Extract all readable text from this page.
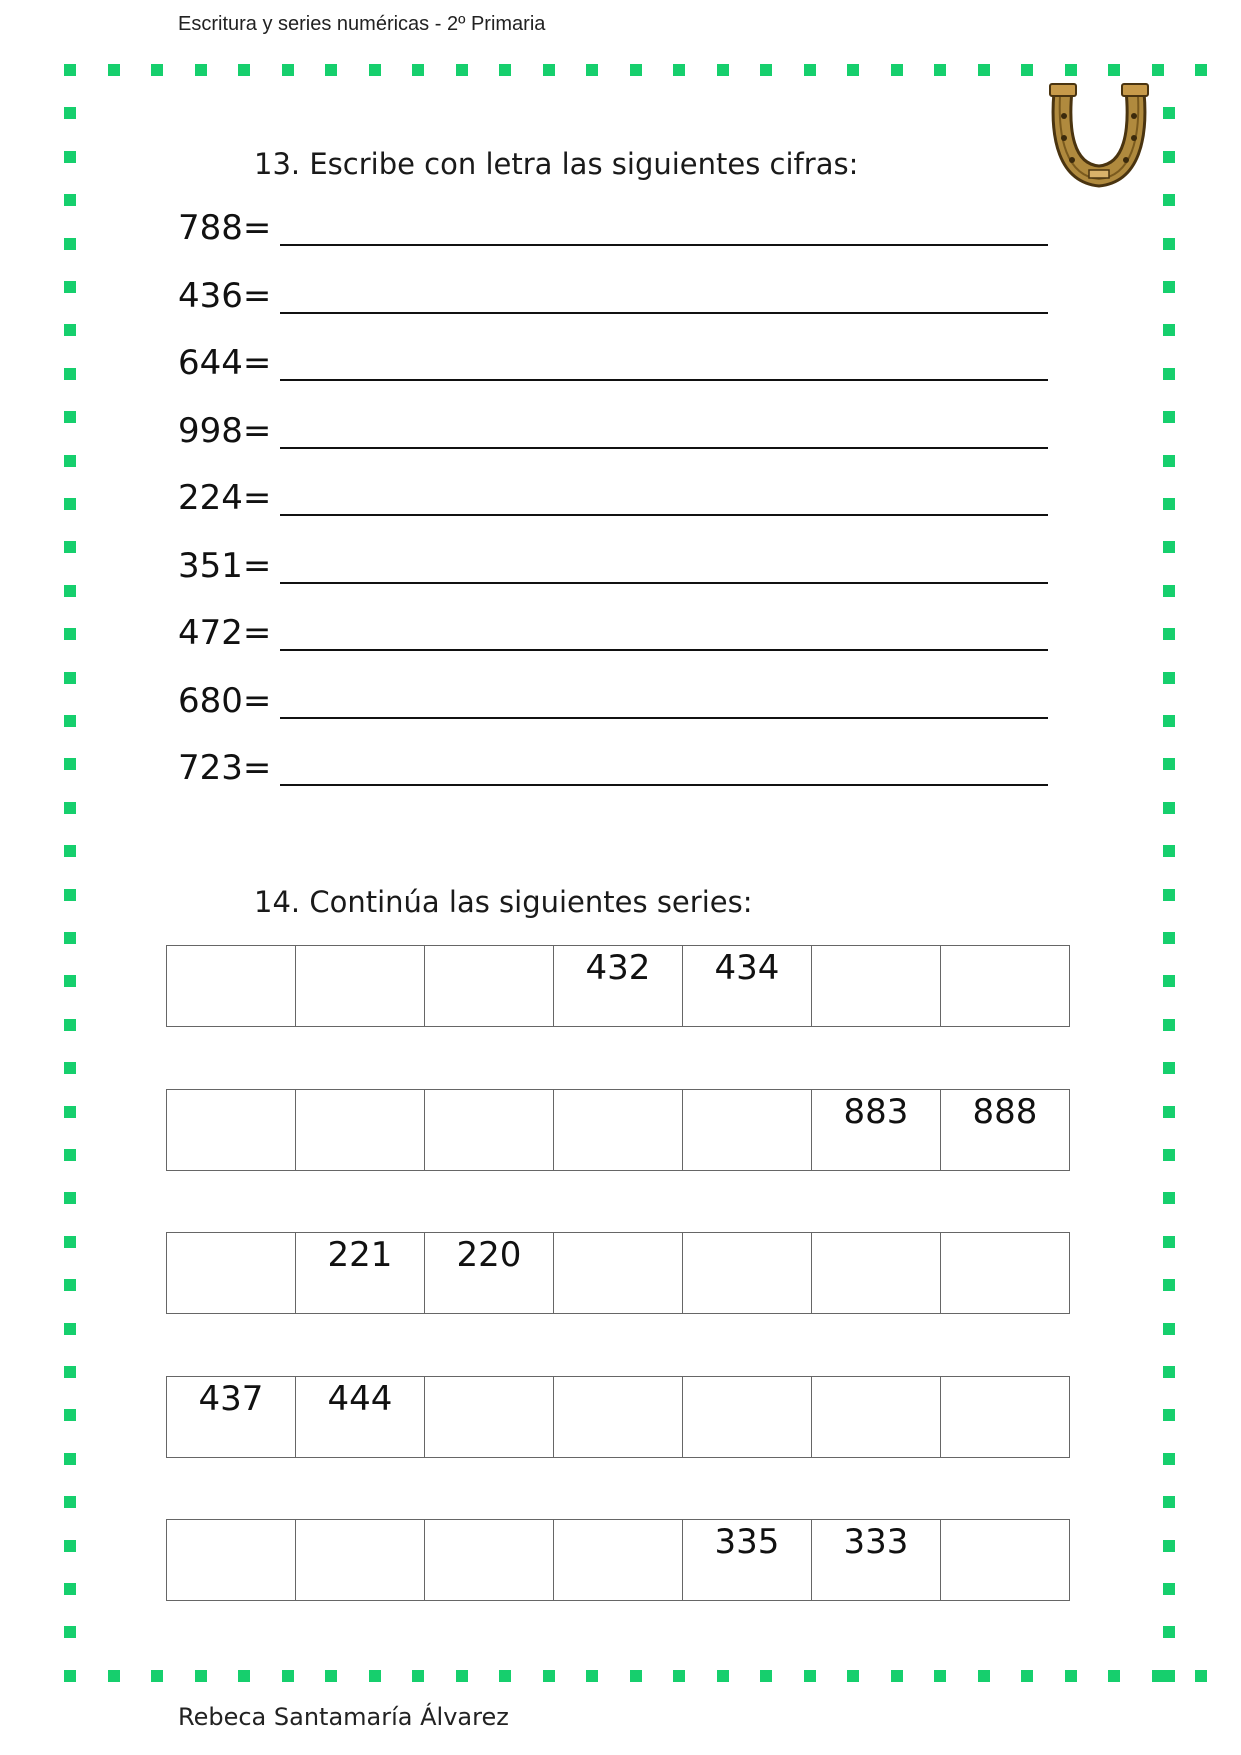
Escritura y series numéricas - 2º Primaria
13. Escribe con letra las siguientes cifras:
788=
436=
644=
998=
224=
351=
472=
680=
723=
14. Continúa las siguientes series:
			432	434		
					883	888
	221	220				
437	444					
				335	333	
Rebeca Santamaría Álvarez
